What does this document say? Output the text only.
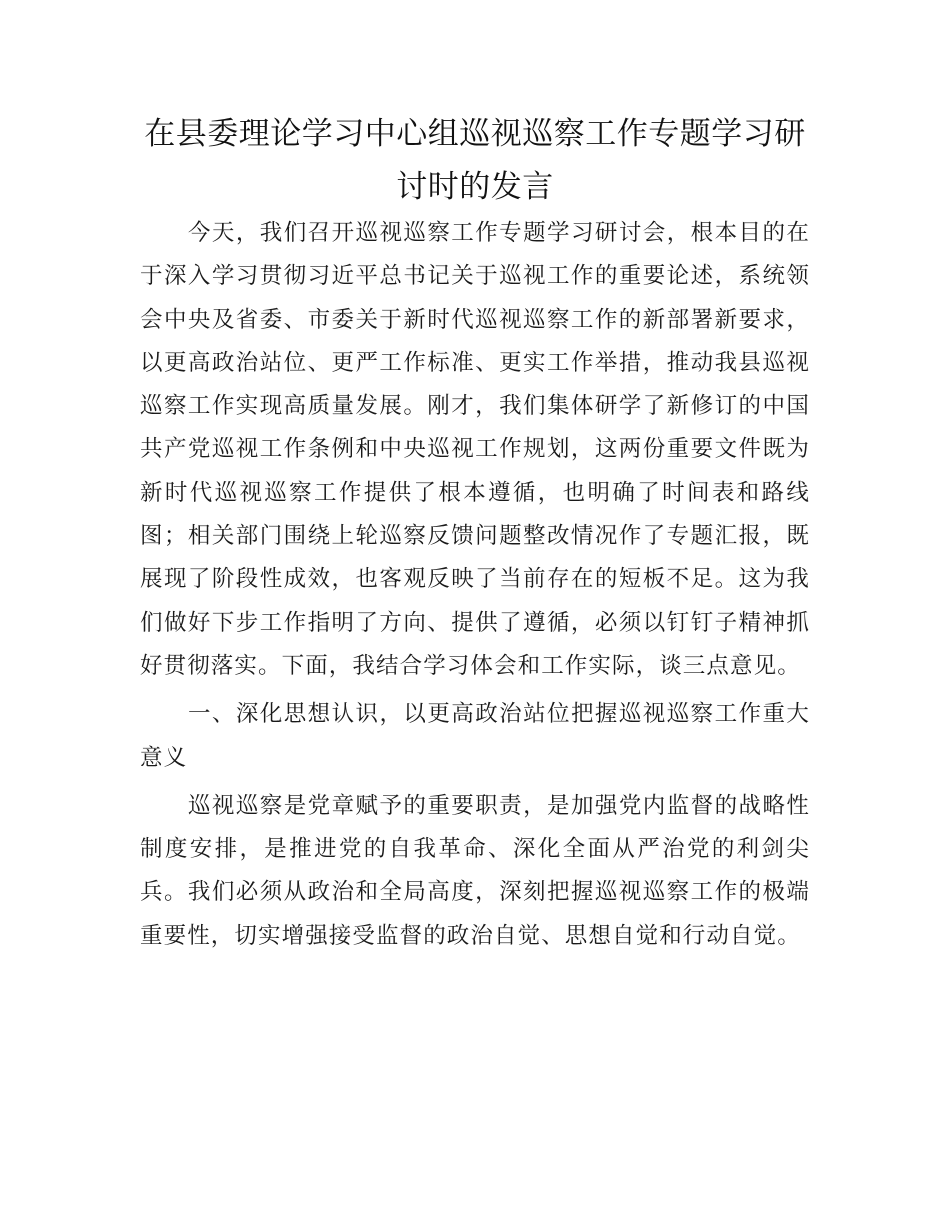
在县委理论学习中心组巡视巡察工作专题学习研讨时的发言

今天，我们召开巡视巡察工作专题学习研讨会，根本目的在于深入学习贯彻习近平总书记关于巡视工作的重要论述，系统领会中央及省委、市委关于新时代巡视巡察工作的新部署新要求，以更高政治站位、更严工作标准、更实工作举措，推动我县巡视巡察工作实现高质量发展。刚才，我们集体研学了新修订的中国共产党巡视工作条例和中央巡视工作规划，这两份重要文件既为新时代巡视巡察工作提供了根本遵循，也明确了时间表和路线图；相关部门围绕上轮巡察反馈问题整改情况作了专题汇报，既展现了阶段性成效，也客观反映了当前存在的短板不足。这为我们做好下步工作指明了方向、提供了遵循，必须以钉钉子精神抓好贯彻落实。下面，我结合学习体会和工作实际，谈三点意见。

一、深化思想认识，以更高政治站位把握巡视巡察工作重大意义

巡视巡察是党章赋予的重要职责，是加强党内监督的战略性制度安排，是推进党的自我革命、深化全面从严治党的利剑尖兵。我们必须从政治和全局高度，深刻把握巡视巡察工作的极端重要性，切实增强接受监督的政治自觉、思想自觉和行动自觉。
